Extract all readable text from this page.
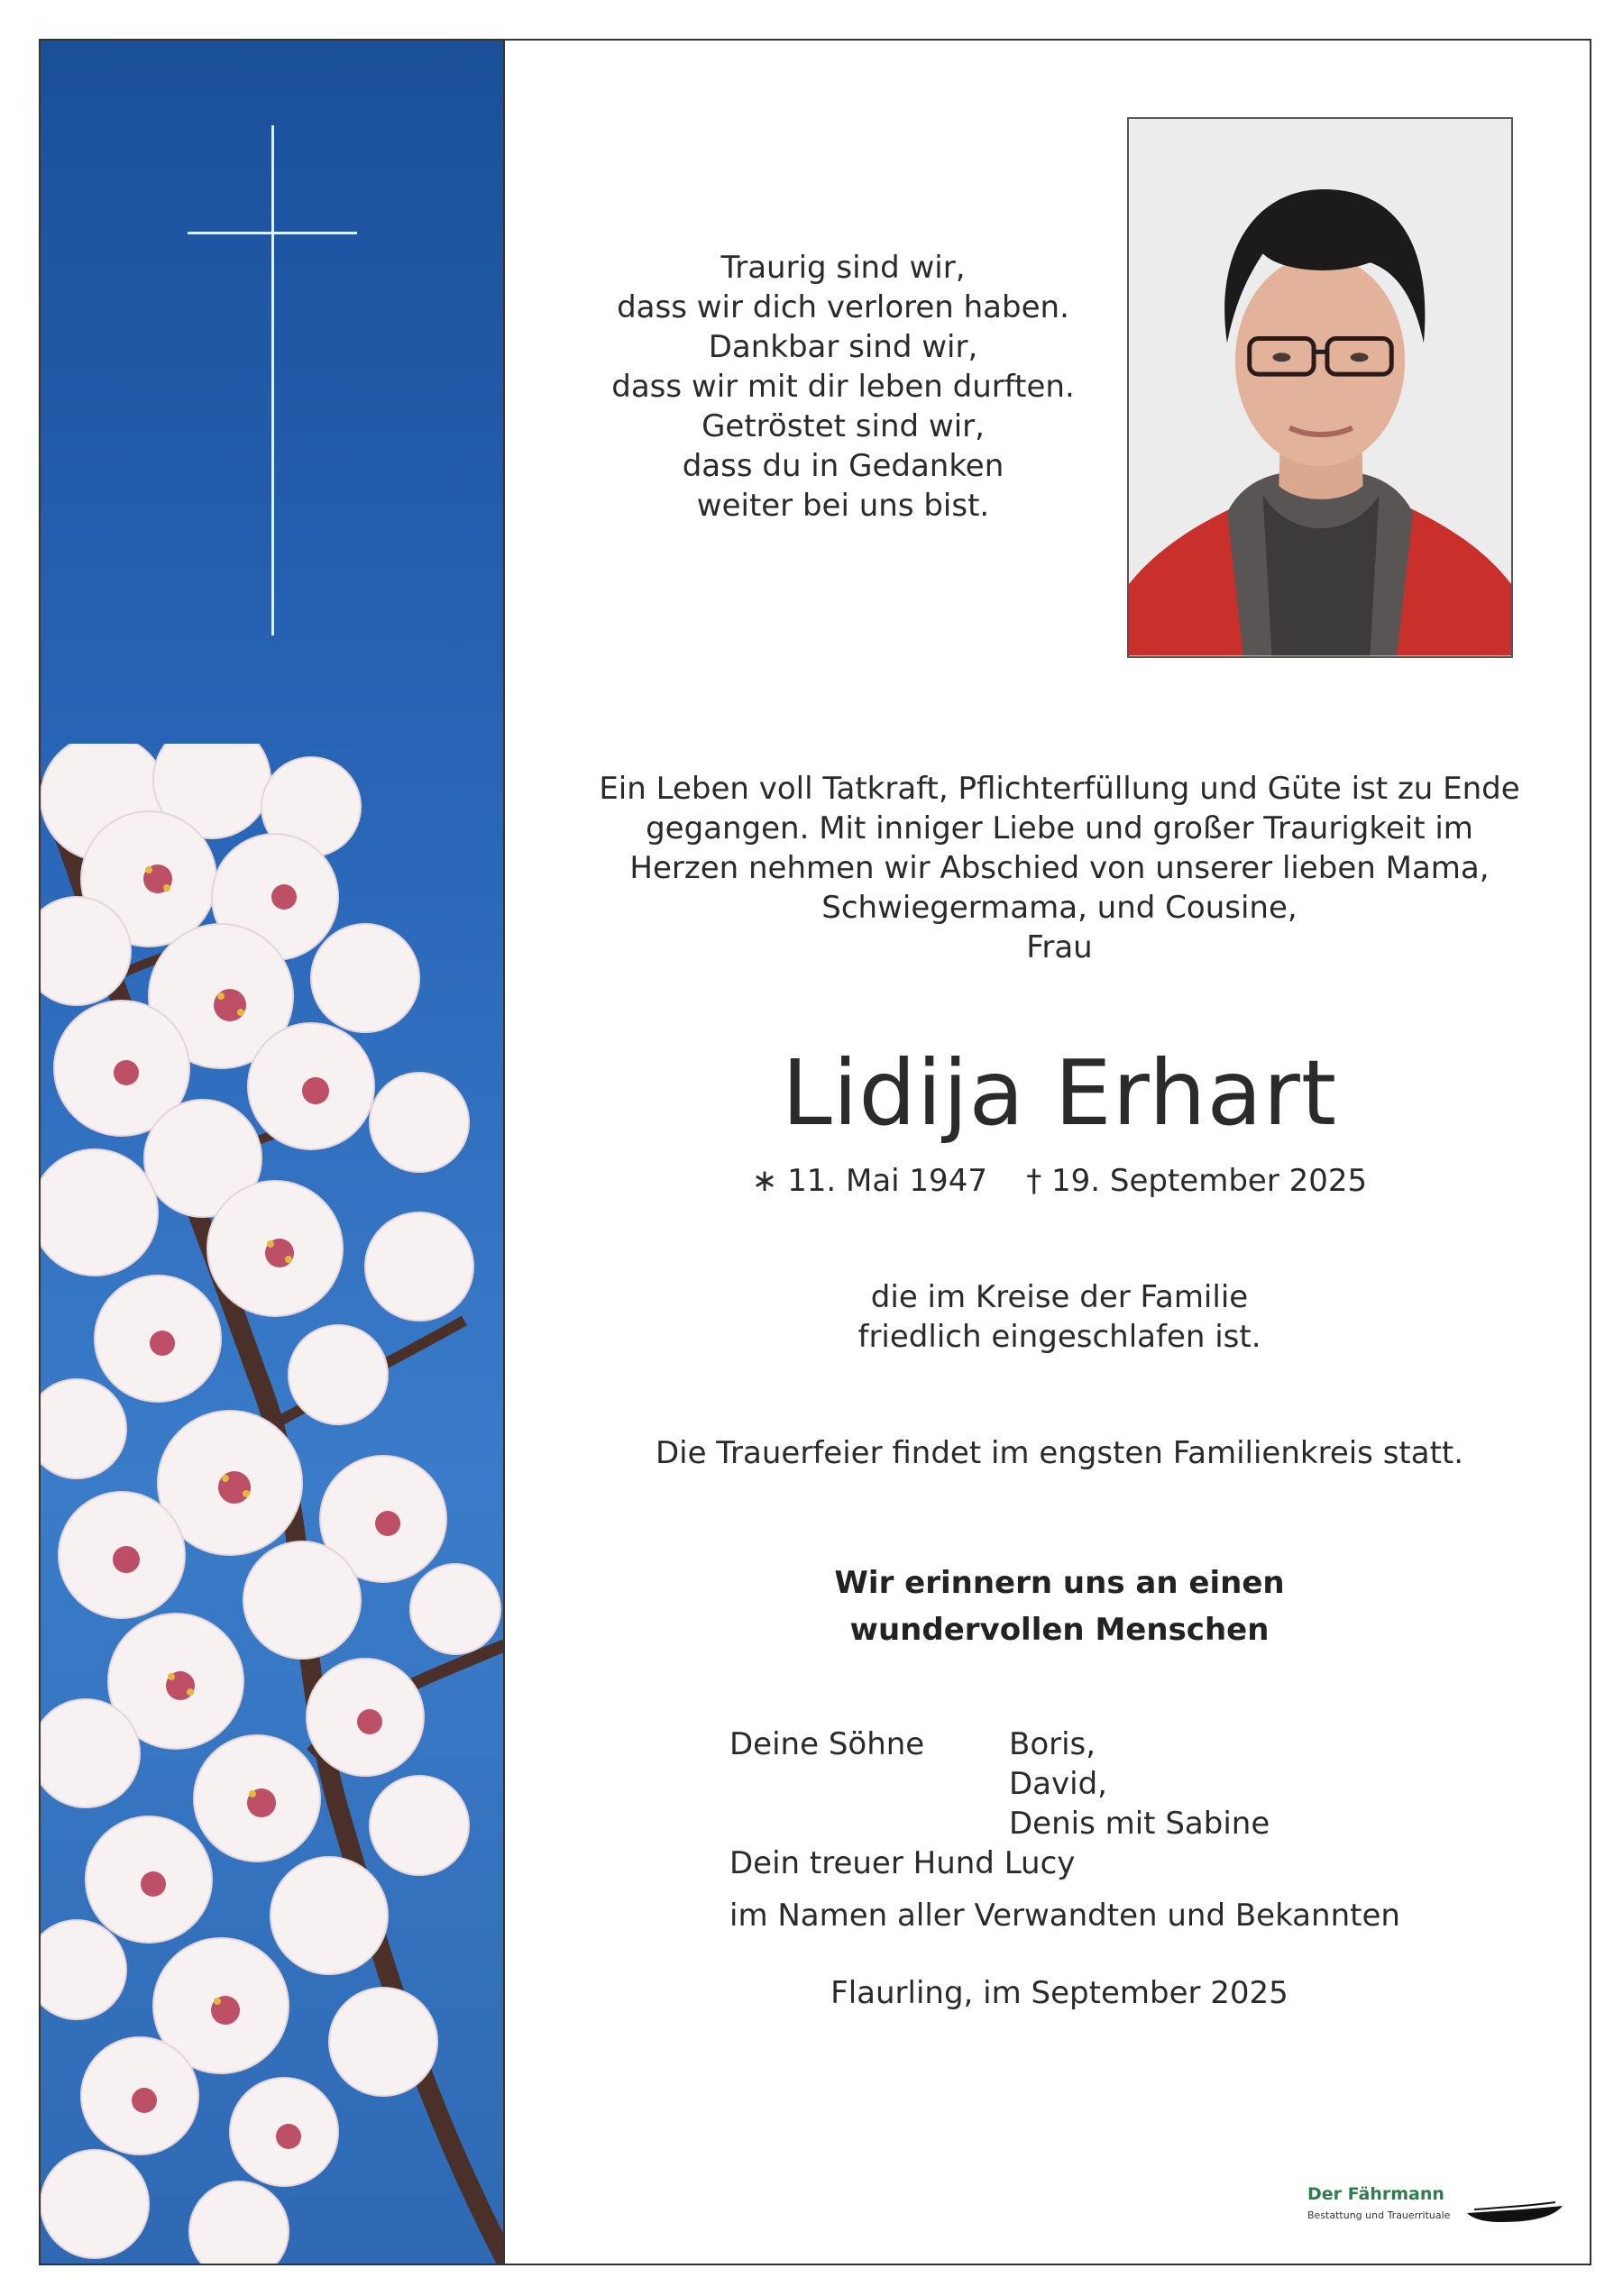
Traurig sind wir,
dass wir dich verloren haben.
Dankbar sind wir,
dass wir mit dir leben durften.
Getröstet sind wir,
dass du in Gedanken
weiter bei uns bist.
Ein Leben voll Tatkraft, Pflichterfüllung und Güte ist zu Ende
gegangen. Mit inniger Liebe und großer Traurigkeit im
Herzen nehmen wir Abschied von unserer lieben Mama,
Schwiegermama, und Cousine,
Frau
Lidija Erhart
∗ 11. Mai 1947 † 19. September 2025
die im Kreise der Familie
friedlich eingeschlafen ist.
Die Trauerfeier findet im engsten Familienkreis statt.
Wir erinnern uns an einen
wundervollen Menschen
Deine Söhne	Boris,
David,
Denis mit Sabine
Dein treuer Hund Lucy
im Namen aller Verwandten und Bekannten
Flaurling, im September 2025
Der Fährmann
Bestattung und Trauerrituale
